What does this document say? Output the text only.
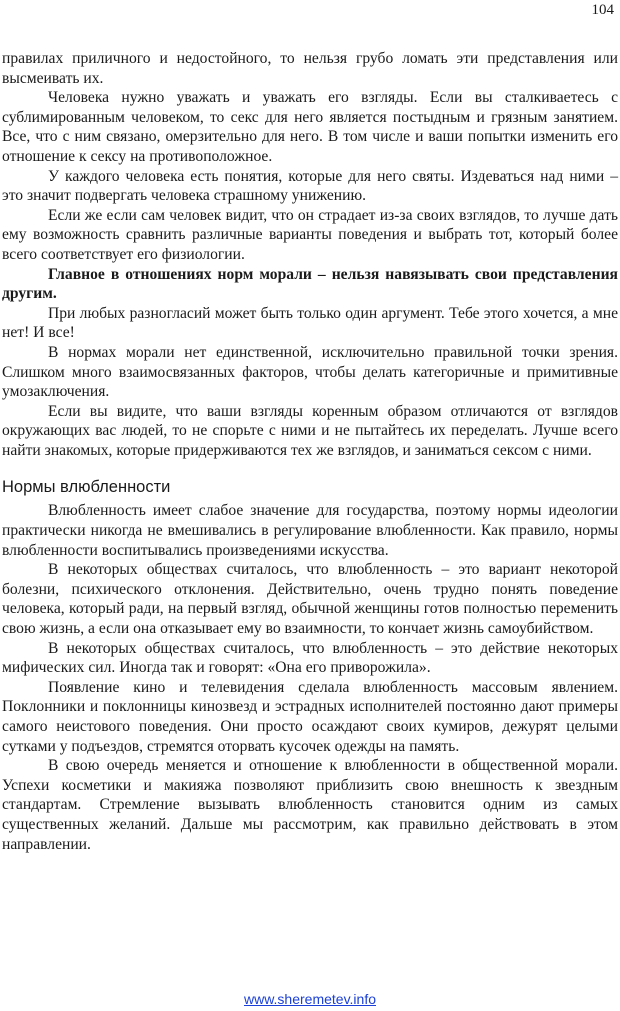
104

правилах приличного и недостойного, то нельзя грубо ломать эти представления или высмеивать их.

Человека нужно уважать и уважать его взгляды. Если вы сталкиваетесь с сублимированным человеком, то секс для него является постыдным и грязным занятием. Все, что с ним связано, омерзительно для него. В том числе и ваши попытки изменить его отношение к сексу на противоположное.

У каждого человека есть понятия, которые для него святы. Издеваться над ними – это значит подвергать человека страшному унижению.

Если же если сам человек видит, что он страдает из-за своих взглядов, то лучше дать ему возможность сравнить различные варианты поведения и выбрать тот, который более всего соответствует его физиологии.

Главное в отношениях норм морали – нельзя навязывать свои представления другим.

При любых разногласий может быть только один аргумент. Тебе этого хочется, а мне нет! И все!

В нормах морали нет единственной, исключительно правильной точки зрения. Слишком много взаимосвязанных факторов, чтобы делать категоричные и примитивные умозаключения.

Если вы видите, что ваши взгляды коренным образом отличаются от взглядов окружающих вас людей, то не спорьте с ними и не пытайтесь их переделать. Лучше всего найти знакомых, которые придерживаются тех же взглядов, и заниматься сексом с ними.

Нормы влюбленности

Влюбленность имеет слабое значение для государства, поэтому нормы идеологии практически никогда не вмешивались в регулирование влюбленности. Как правило, нормы влюбленности воспитывались произведениями искусства.

В некоторых обществах считалось, что влюбленность – это вариант некоторой болезни, психического отклонения. Действительно, очень трудно понять поведение человека, который ради, на первый взгляд, обычной женщины готов полностью переменить свою жизнь, а если она отказывает ему во взаимности, то кончает жизнь самоубийством.

В некоторых обществах считалось, что влюбленность – это действие некоторых мифических сил. Иногда так и говорят: «Она его приворожила».

Появление кино и телевидения сделала влюбленность массовым явлением. Поклонники и поклонницы кинозвезд и эстрадных исполнителей постоянно дают примеры самого неистового поведения. Они просто осаждают своих кумиров, дежурят целыми сутками у подъездов, стремятся оторвать кусочек одежды на память.

В свою очередь меняется и отношение к влюбленности в общественной морали. Успехи косметики и макияжа позволяют приблизить свою внешность к звездным стандартам. Стремление вызывать влюбленность становится одним из самых существенных желаний. Дальше мы рассмотрим, как правильно действовать в этом направлении.

www.sheremetev.info
